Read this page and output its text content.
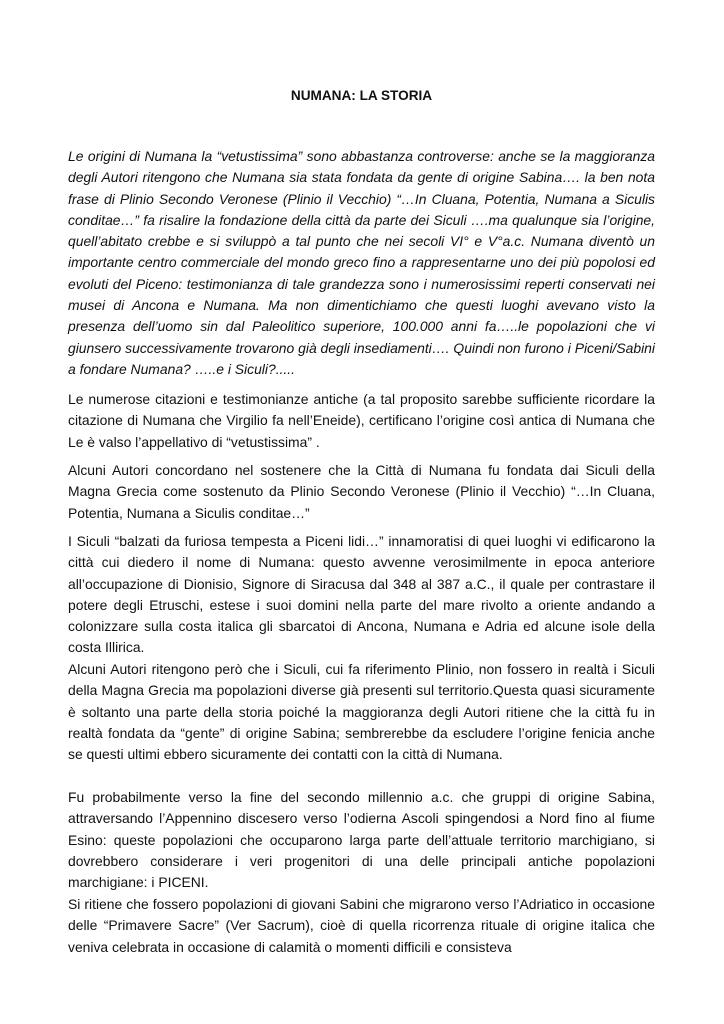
NUMANA: LA STORIA

Le origini di Numana la “vetustissima” sono abbastanza controverse: anche se la maggioranza degli Autori ritengono che Numana sia stata fondata da gente di origine Sabina…. la ben nota frase di Plinio Secondo Veronese (Plinio il Vecchio) “…In Cluana, Potentia, Numana a Siculis conditae…” fa risalire la fondazione della città da parte dei Siculi ….ma qualunque sia l’origine, quell’abitato crebbe e si sviluppò a tal punto che nei secoli VI° e V°a.c. Numana diventò un importante centro commerciale del mondo greco fino a rappresentarne uno dei più popolosi ed evoluti del Piceno: testimonianza di tale grandezza sono i numerosissimi reperti conservati nei musei di Ancona e Numana. Ma non dimentichiamo che questi luoghi avevano visto la presenza dell’uomo sin dal Paleolitico superiore, 100.000 anni fa…..le popolazioni che vi giunsero successivamente trovarono già degli insediamenti…. Quindi non furono i Piceni/Sabini a fondare Numana? …..e i Siculi?.....

Le numerose citazioni e testimonianze antiche (a tal proposito sarebbe sufficiente ricordare la citazione di Numana che Virgilio fa nell’Eneide), certificano l’origine così antica di Numana che Le è valso l’appellativo di “vetustissima” .

Alcuni Autori concordano nel sostenere che la Città di Numana fu fondata dai Siculi della Magna Grecia come sostenuto da Plinio Secondo Veronese (Plinio il Vecchio) “…In Cluana, Potentia, Numana a Siculis conditae…”

I Siculi “balzati da furiosa tempesta a Piceni lidi…” innamoratisi di quei luoghi vi edificarono la città cui diedero il nome di Numana: questo avvenne verosimilmente in epoca anteriore all’occupazione di Dionisio, Signore di Siracusa dal 348 al 387 a.C., il quale per contrastare il potere degli Etruschi, estese i suoi domini nella parte del mare rivolto a oriente andando a colonizzare sulla costa italica gli sbarcatoi di Ancona, Numana e Adria ed alcune isole della costa Illirica.

Alcuni Autori ritengono però che i Siculi, cui fa riferimento Plinio, non fossero in realtà i Siculi della Magna Grecia ma popolazioni diverse già presenti sul territorio.Questa quasi sicuramente è soltanto una parte della storia poiché la maggioranza degli Autori ritiene che la città fu in realtà fondata da “gente” di origine Sabina; sembrerebbe da escludere l’origine fenicia anche se questi ultimi ebbero sicuramente dei contatti con la città di Numana.

Fu probabilmente verso la fine del secondo millennio a.c. che gruppi di origine Sabina, attraversando l’Appennino discesero verso l’odierna Ascoli spingendosi a Nord fino al fiume Esino: queste popolazioni che occuparono larga parte dell’attuale territorio marchigiano, si dovrebbero considerare i veri progenitori di una delle principali antiche popolazioni marchigiane: i PICENI.

Si ritiene che fossero popolazioni di giovani Sabini che migrarono verso l’Adriatico in occasione delle “Primavere Sacre” (Ver Sacrum), cioè di quella ricorrenza rituale di origine italica che veniva celebrata in occasione di calamità o momenti difficili e consisteva
